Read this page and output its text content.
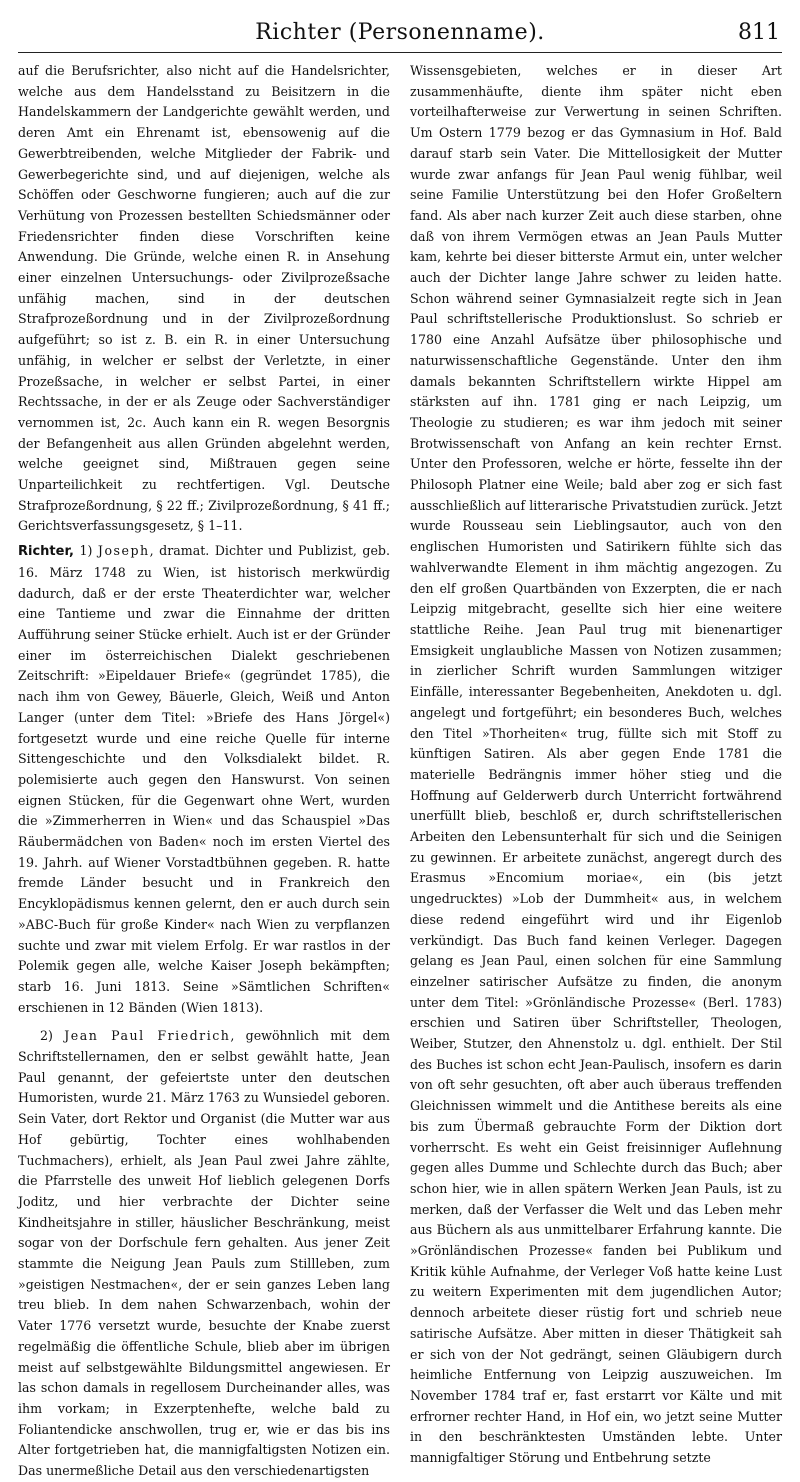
Richter (Personenname).	811

auf die Berufsrichter, also nicht auf die Handelsrichter, welche aus dem Handelsstand zu Beisitzern in die Handelskammern der Landgerichte gewählt werden, und deren Amt ein Ehrenamt ist, ebensowenig auf die Gewerbtreibenden, welche Mitglieder der Fabrik- und Gewerbegerichte sind, und auf diejenigen, welche als Schöffen oder Geschworne fungieren; auch auf die zur Verhütung von Prozessen bestellten Schiedsmänner oder Friedensrichter finden diese Vorschriften keine Anwendung. Die Gründe, welche einen R. in Ansehung einer einzelnen Untersuchungs- oder Zivilprozeßsache unfähig machen, sind in der deutschen Strafprozeßordnung und in der Zivilprozeßordnung aufgeführt; so ist z. B. ein R. in einer Untersuchung unfähig, in welcher er selbst der Verletzte, in einer Prozeßsache, in welcher er selbst Partei, in einer Rechtssache, in der er als Zeuge oder Sachverständiger vernommen ist, 2c. Auch kann ein R. wegen Besorgnis der Befangenheit aus allen Gründen abgelehnt werden, welche geeignet sind, Mißtrauen gegen seine Unparteilichkeit zu rechtfertigen. Vgl. Deutsche Strafprozeßordnung, § 22 ff.; Zivilprozeßordnung, § 41 ff.; Gerichtsverfassungsgesetz, § 1–11.

Richter, 1) Joseph, dramat. Dichter und Publizist, geb. 16. März 1748 zu Wien, ist historisch merkwürdig dadurch, daß er der erste Theaterdichter war, welcher eine Tantieme und zwar die Einnahme der dritten Aufführung seiner Stücke erhielt. Auch ist er der Gründer einer im österreichischen Dialekt geschriebenen Zeitschrift: »Eipeldauer Briefe« (gegründet 1785), die nach ihm von Gewey, Bäuerle, Gleich, Weiß und Anton Langer (unter dem Titel: »Briefe des Hans Jörgel«) fortgesetzt wurde und eine reiche Quelle für interne Sittengeschichte und den Volksdialekt bildet. R. polemisierte auch gegen den Hanswurst. Von seinen eignen Stücken, für die Gegenwart ohne Wert, wurden die »Zimmerherren in Wien« und das Schauspiel »Das Räubermädchen von Baden« noch im ersten Viertel des 19. Jahrh. auf Wiener Vorstadtbühnen gegeben. R. hatte fremde Länder besucht und in Frankreich den Encyklopädismus kennen gelernt, den er auch durch sein »ABC-Buch für große Kinder« nach Wien zu verpflanzen suchte und zwar mit vielem Erfolg. Er war rastlos in der Polemik gegen alle, welche Kaiser Joseph bekämpften; starb 16. Juni 1813. Seine »Sämtlichen Schriften« erschienen in 12 Bänden (Wien 1813).

2) Jean Paul Friedrich, gewöhnlich mit dem Schriftstellernamen, den er selbst gewählt hatte, Jean Paul genannt, der gefeiertste unter den deutschen Humoristen, wurde 21. März 1763 zu Wunsiedel geboren. Sein Vater, dort Rektor und Organist (die Mutter war aus Hof gebürtig, Tochter eines wohlhabenden Tuchmachers), erhielt, als Jean Paul zwei Jahre zählte, die Pfarrstelle des unweit Hof lieblich gelegenen Dorfs Joditz, und hier verbrachte der Dichter seine Kindheitsjahre in stiller, häuslicher Beschränkung, meist sogar von der Dorfschule fern gehalten. Aus jener Zeit stammte die Neigung Jean Pauls zum Stillleben, zum »geistigen Nestmachen«, der er sein ganzes Leben lang treu blieb. In dem nahen Schwarzenbach, wohin der Vater 1776 versetzt wurde, besuchte der Knabe zuerst regelmäßig die öffentliche Schule, blieb aber im übrigen meist auf selbstgewählte Bildungsmittel angewiesen. Er las schon damals in regellosem Durcheinander alles, was ihm vorkam; in Exzerptenhefte, welche bald zu Foliantendicke anschwollen, trug er, wie er das bis ins Alter fortgetrieben hat, die mannigfaltigsten Notizen ein. Das unermeßliche Detail aus den verschiedenartigsten

Wissensgebieten, welches er in dieser Art zusammenhäufte, diente ihm später nicht eben vorteilhafterweise zur Verwertung in seinen Schriften. Um Ostern 1779 bezog er das Gymnasium in Hof. Bald darauf starb sein Vater. Die Mittellosigkeit der Mutter wurde zwar anfangs für Jean Paul wenig fühlbar, weil seine Familie Unterstützung bei den Hofer Großeltern fand. Als aber nach kurzer Zeit auch diese starben, ohne daß von ihrem Vermögen etwas an Jean Pauls Mutter kam, kehrte bei dieser bitterste Armut ein, unter welcher auch der Dichter lange Jahre schwer zu leiden hatte. Schon während seiner Gymnasialzeit regte sich in Jean Paul schriftstellerische Produktionslust. So schrieb er 1780 eine Anzahl Aufsätze über philosophische und naturwissenschaftliche Gegenstände. Unter den ihm damals bekannten Schriftstellern wirkte Hippel am stärksten auf ihn. 1781 ging er nach Leipzig, um Theologie zu studieren; es war ihm jedoch mit seiner Brotwissenschaft von Anfang an kein rechter Ernst. Unter den Professoren, welche er hörte, fesselte ihn der Philosoph Platner eine Weile; bald aber zog er sich fast ausschließlich auf litterarische Privatstudien zurück. Jetzt wurde Rousseau sein Lieblingsautor, auch von den englischen Humoristen und Satirikern fühlte sich das wahlverwandte Element in ihm mächtig angezogen. Zu den elf großen Quartbänden von Exzerpten, die er nach Leipzig mitgebracht, gesellte sich hier eine weitere stattliche Reihe. Jean Paul trug mit bienenartiger Emsigkeit unglaubliche Massen von Notizen zusammen; in zierlicher Schrift wurden Sammlungen witziger Einfälle, interessanter Begebenheiten, Anekdoten u. dgl. angelegt und fortgeführt; ein besonderes Buch, welches den Titel »Thorheiten« trug, füllte sich mit Stoff zu künftigen Satiren. Als aber gegen Ende 1781 die materielle Bedrängnis immer höher stieg und die Hoffnung auf Gelderwerb durch Unterricht fortwährend unerfüllt blieb, beschloß er, durch schriftstellerischen Arbeiten den Lebensunterhalt für sich und die Seinigen zu gewinnen. Er arbeitete zunächst, angeregt durch des Erasmus »Encomium moriae«, ein (bis jetzt ungedrucktes) »Lob der Dummheit« aus, in welchem diese redend eingeführt wird und ihr Eigenlob verkündigt. Das Buch fand keinen Verleger. Dagegen gelang es Jean Paul, einen solchen für eine Sammlung einzelner satirischer Aufsätze zu finden, die anonym unter dem Titel: »Grönländische Prozesse« (Berl. 1783) erschien und Satiren über Schriftsteller, Theologen, Weiber, Stutzer, den Ahnenstolz u. dgl. enthielt. Der Stil des Buches ist schon echt Jean-Paulisch, insofern es darin von oft sehr gesuchten, oft aber auch überaus treffenden Gleichnissen wimmelt und die Antithese bereits als eine bis zum Übermaß gebrauchte Form der Diktion dort vorherrscht. Es weht ein Geist freisinniger Auflehnung gegen alles Dumme und Schlechte durch das Buch; aber schon hier, wie in allen spätern Werken Jean Pauls, ist zu merken, daß der Verfasser die Welt und das Leben mehr aus Büchern als aus unmittelbarer Erfahrung kannte. Die »Grönländischen Prozesse« fanden bei Publikum und Kritik kühle Aufnahme, der Verleger Voß hatte keine Lust zu weitern Experimenten mit dem jugendlichen Autor; dennoch arbeitete dieser rüstig fort und schrieb neue satirische Aufsätze. Aber mitten in dieser Thätigkeit sah er sich von der Not gedrängt, seinen Gläubigern durch heimliche Entfernung von Leipzig auszuweichen. Im November 1784 traf er, fast erstarrt vor Kälte und mit erfrorner rechter Hand, in Hof ein, wo jetzt seine Mutter in den beschränktesten Umständen lebte. Unter mannigfaltiger Störung und Entbehrung setzte
